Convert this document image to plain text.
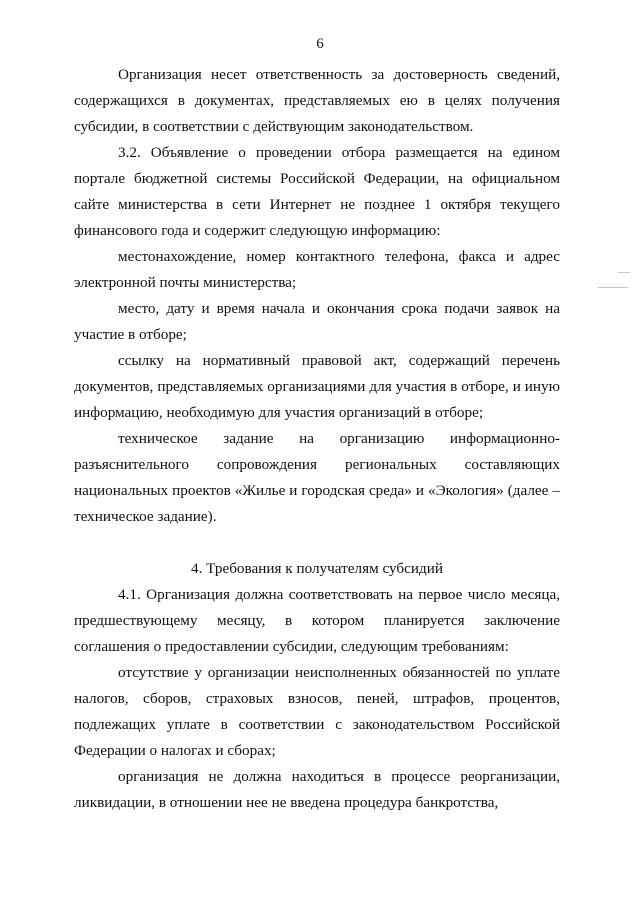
6

Организация несет ответственность за достоверность сведений, содержащихся в документах, представляемых ею в целях получения субсидии, в соответствии с действующим законодательством.

3.2. Объявление о проведении отбора размещается на едином портале бюджетной системы Российской Федерации, на официальном сайте министерства в сети Интернет не позднее 1 октября текущего финансового года и содержит следующую информацию:

местонахождение, номер контактного телефона, факса и адрес электронной почты министерства;

место, дату и время начала и окончания срока подачи заявок на участие в отборе;

ссылку на нормативный правовой акт, содержащий перечень документов, представляемых организациями для участия в отборе, и иную информацию, необходимую для участия организаций в отборе;

техническое задание на организацию информационно-разъяснительного сопровождения региональных составляющих национальных проектов «Жилье и городская среда» и «Экология» (далее – техническое задание).

4. Требования к получателям субсидий

4.1. Организация должна соответствовать на первое число месяца, предшествующему месяцу, в котором планируется заключение соглашения о предоставлении субсидии, следующим требованиям:

отсутствие у организации неисполненных обязанностей по уплате налогов, сборов, страховых взносов, пеней, штрафов, процентов, подлежащих уплате в соответствии с законодательством Российской Федерации о налогах и сборах;

организация не должна находиться в процессе реорганизации, ликвидации, в отношении нее не введена процедура банкротства,
